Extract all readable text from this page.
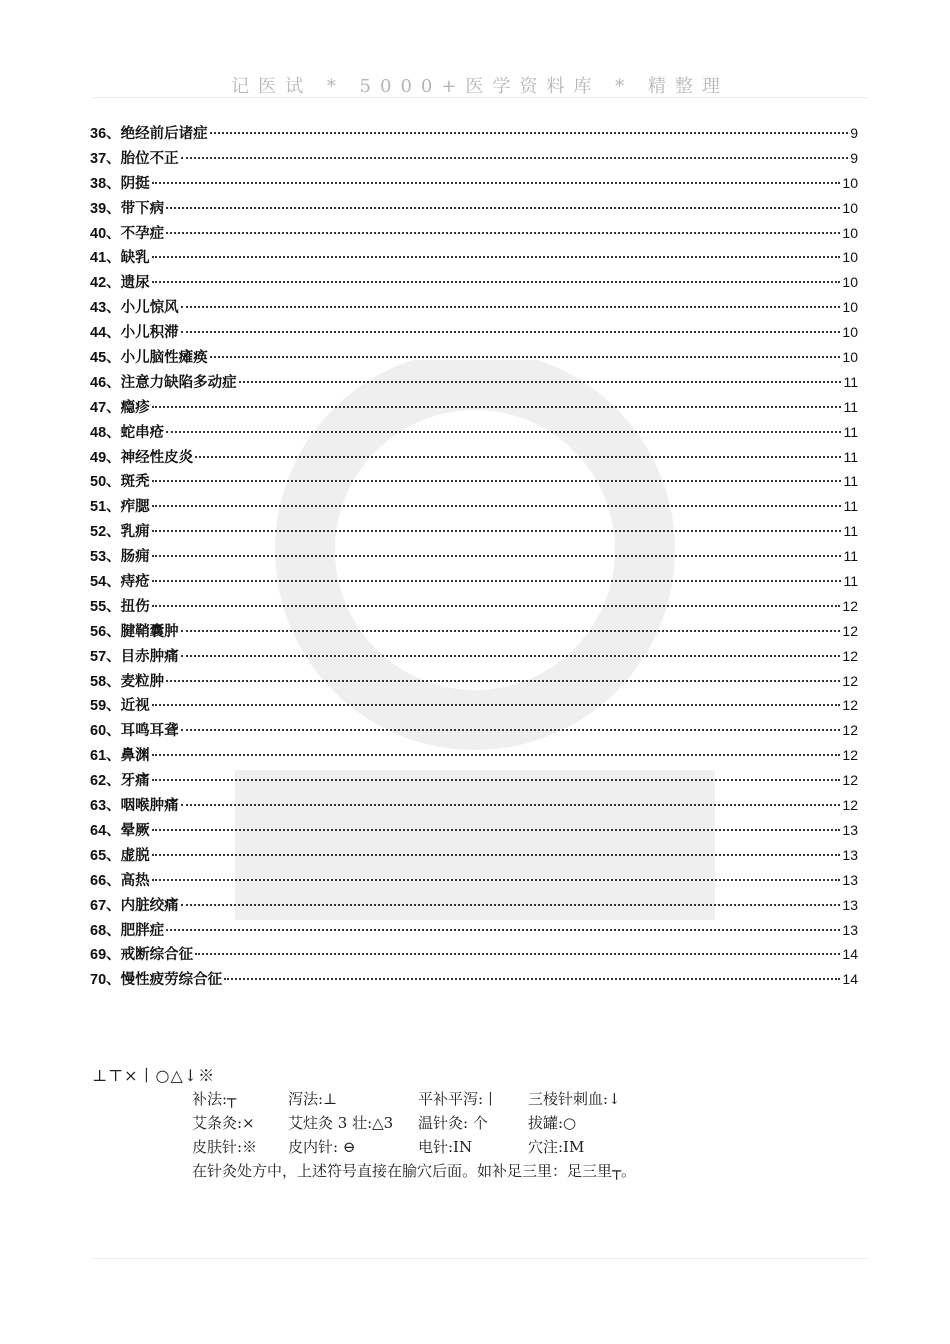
记医试 * 5000+医学资料库 * 精整理
36 、 绝经前后诸症	9
37 、 胎位不正	9
38 、 阴挺	10
39 、 带下病	10
40 、 不孕症	10
41 、 缺乳	10
42 、 遗尿	10
43 、 小儿惊风	10
44 、 小儿积滞	10
45 、 小儿脑性瘫痪	10
46 、 注意力缺陷多动症	11
47 、 瘾疹	11
48 、 蛇串疮	11
49 、 神经性皮炎	11
50 、 斑秃	11
51 、 痄腮	11
52 、 乳痈	11
53 、 肠痈	11
54 、 痔疮	11
55 、 扭伤	12
56 、 腱鞘囊肿	12
57 、 目赤肿痛	12
58 、 麦粒肿	12
59 、 近视	12
60 、 耳鸣耳聋	12
61 、 鼻渊	12
62 、 牙痛	12
63 、 咽喉肿痛	12
64 、 晕厥	13
65 、 虚脱	13
66 、 高热	13
67 、 内脏绞痛	13
68 、 肥胖症	13
69 、 戒断综合征	14
70 、 慢性疲劳综合征	14
⊥⊤×丨○△↓※
补法:┬	泻法:⊥	平补平泻:丨	三棱针刺血:↓
艾条灸:×	艾炷灸 3 壮:△3	温针灸: 个	拔罐:○
皮肤针:※	皮内针: ⊖	电针:IN	穴注:IM
在针灸处方中，上述符号直接在腧穴后面。如补足三里：足三里┬。
